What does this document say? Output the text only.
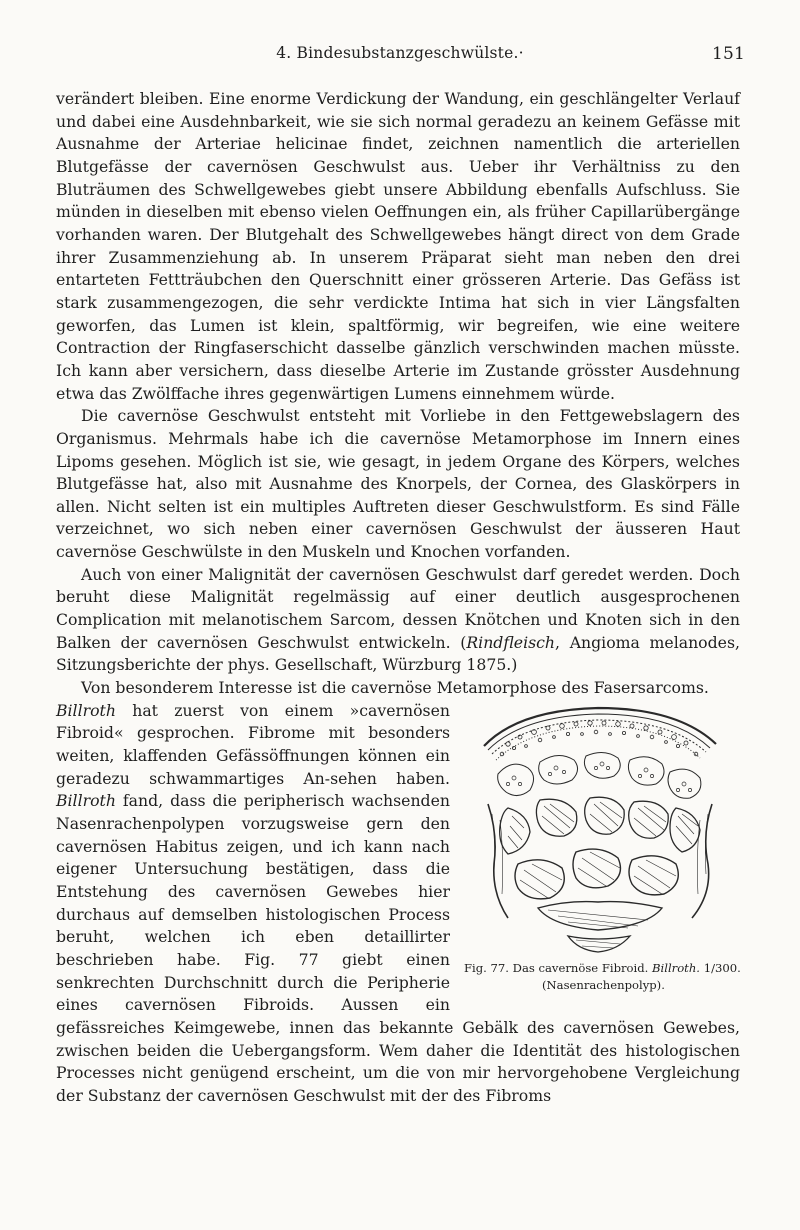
4. Bindesubstanzgeschwülste.·	151

verändert bleiben. Eine enorme Verdickung der Wandung, ein geschlängelter Verlauf und dabei eine Ausdehnbarkeit, wie sie sich normal geradezu an keinem Gefässe mit Ausnahme der Arteriae helicinae findet, zeichnen namentlich die arteriellen Blutgefässe der cavernösen Geschwulst aus. Ueber ihr Verhältniss zu den Bluträumen des Schwellgewebes giebt unsere Abbildung ebenfalls Aufschluss. Sie münden in dieselben mit ebenso vielen Oeffnungen ein, als früher Capillarübergänge vorhanden waren. Der Blutgehalt des Schwellgewebes hängt direct von dem Grade ihrer Zusammenziehung ab. In unserem Präparat sieht man neben den drei entarteten Fettträubchen den Querschnitt einer grösseren Arterie. Das Gefäss ist stark zusammengezogen, die sehr verdickte Intima hat sich in vier Längsfalten geworfen, das Lumen ist klein, spaltförmig, wir begreifen, wie eine weitere Contraction der Ringfaserschicht dasselbe gänzlich verschwinden machen müsste. Ich kann aber versichern, dass dieselbe Arterie im Zustande grösster Ausdehnung etwa das Zwölffache ihres gegenwärtigen Lumens einnehmem würde.

Die cavernöse Geschwulst entsteht mit Vorliebe in den Fettgewebslagern des Organismus. Mehrmals habe ich die cavernöse Metamorphose im Innern eines Lipoms gesehen. Möglich ist sie, wie gesagt, in jedem Organe des Körpers, welches Blutgefässe hat, also mit Ausnahme des Knorpels, der Cornea, des Glaskörpers in allen. Nicht selten ist ein multiples Auftreten dieser Geschwulstform. Es sind Fälle verzeichnet, wo sich neben einer cavernösen Geschwulst der äusseren Haut cavernöse Geschwülste in den Muskeln und Knochen vorfanden.

Auch von einer Malignität der cavernösen Geschwulst darf geredet werden. Doch beruht diese Malignität regelmässig auf einer deutlich ausgesprochenen Complication mit melanotischem Sarcom, dessen Knötchen und Knoten sich in den Balken der cavernösen Geschwulst entwickeln. (Rindfleisch, Angioma melanodes, Sitzungsberichte der phys. Gesellschaft, Würzburg 1875.)

Von besonderem Interesse ist die cavernöse Metamorphose des Fasersarcoms.

Fig. 77. Das cavernöse Fibroid. Billroth. 1/300.
(Nasenrachenpolyp).
Billroth hat zuerst von einem »cavernösen Fibroid« gesprochen. Fibrome mit besonders weiten, klaffenden Gefässöffnungen können ein geradezu schwammartiges An-sehen haben. Billroth fand, dass die peripherisch wachsenden Nasenrachenpolypen vorzugsweise gern den cavernösen Habitus zeigen, und ich kann nach eigener Untersuchung bestätigen, dass die Entstehung des cavernösen Gewebes hier durchaus auf demselben histologischen Process beruht, welchen ich eben detaillirter beschrieben habe. Fig. 77 giebt einen senkrechten Durchschnitt durch die Peripherie eines cavernösen Fibroids. Aussen ein gefässreiches Keimgewebe, innen das bekannte Gebälk des cavernösen Gewebes, zwischen beiden die Uebergangsform. Wem daher die Identität des histologischen Processes nicht genügend erscheint, um die von mir hervorgehobene Vergleichung der Substanz der cavernösen Geschwulst mit der des Fibroms
